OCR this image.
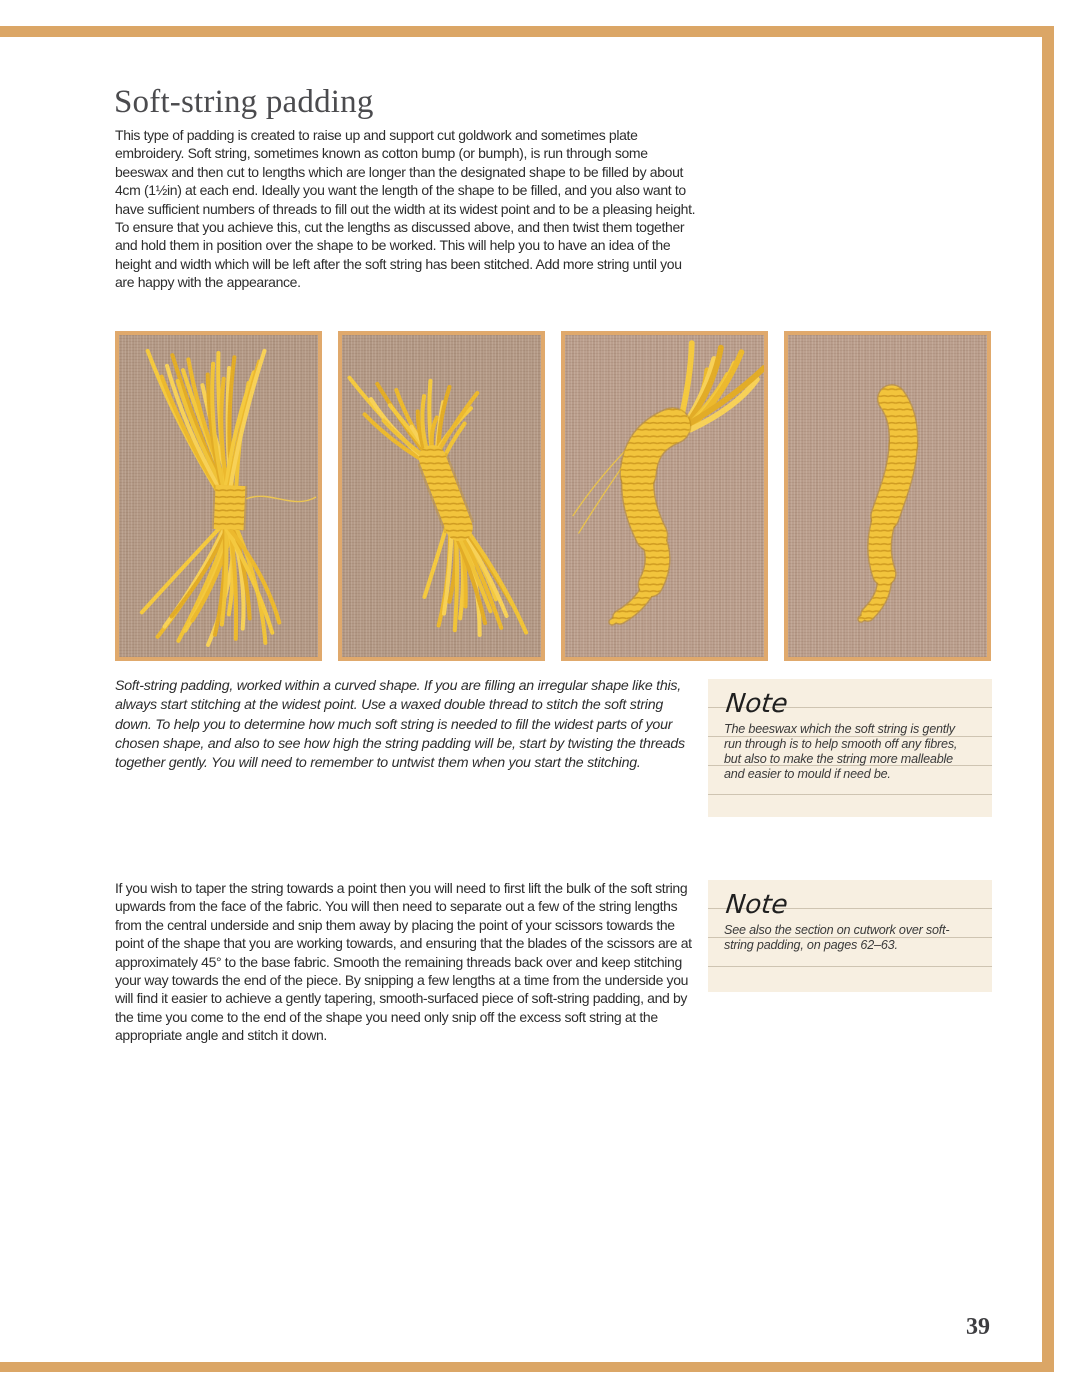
Soft-string padding

This type of padding is created to raise up and support cut goldwork and sometimes plate embroidery. Soft string, sometimes known as cotton bump (or bumph), is run through some beeswax and then cut to lengths which are longer than the designated shape to be filled by about 4cm (1½in) at each end. Ideally you want the length of the shape to be filled, and you also want to have sufficient numbers of threads to fill out the width at its widest point and to be a pleasing height. To ensure that you achieve this, cut the lengths as discussed above, and then twist them together and hold them in position over the shape to be worked. This will help you to have an idea of the height and width which will be left after the soft string has been stitched. Add more string until you are happy with the appearance.

Soft-string padding, worked within a curved shape. If you are filling an irregular shape like this, always start stitching at the widest point. Use a waxed double thread to stitch the soft string down. To help you to determine how much soft string is needed to fill the widest parts of your chosen shape, and also to see how high the string padding will be, start by twisting the threads together gently. You will need to remember to untwist them when you start the stitching.

Note
The beeswax which the soft string is gently run through is to help smooth off any fibres, but also to make the string more malleable and easier to mould if need be.
Note
See also the section on cutwork over soft-string padding, on pages 62–63.

If you wish to taper the string towards a point then you will need to first lift the bulk of the soft string upwards from the face of the fabric. You will then need to separate out a few of the string lengths from the central underside and snip them away by placing the point of your scissors towards the point of the shape that you are working towards, and ensuring that the blades of the scissors are at approximately 45° to the base fabric. Smooth the remaining threads back over and keep stitching your way towards the end of the piece. By snipping a few lengths at a time from the underside you will find it easier to achieve a gently tapering, smooth-surfaced piece of soft-string padding, and by the time you come to the end of the shape you need only snip off the excess soft string at the appropriate angle and stitch it down.

39
